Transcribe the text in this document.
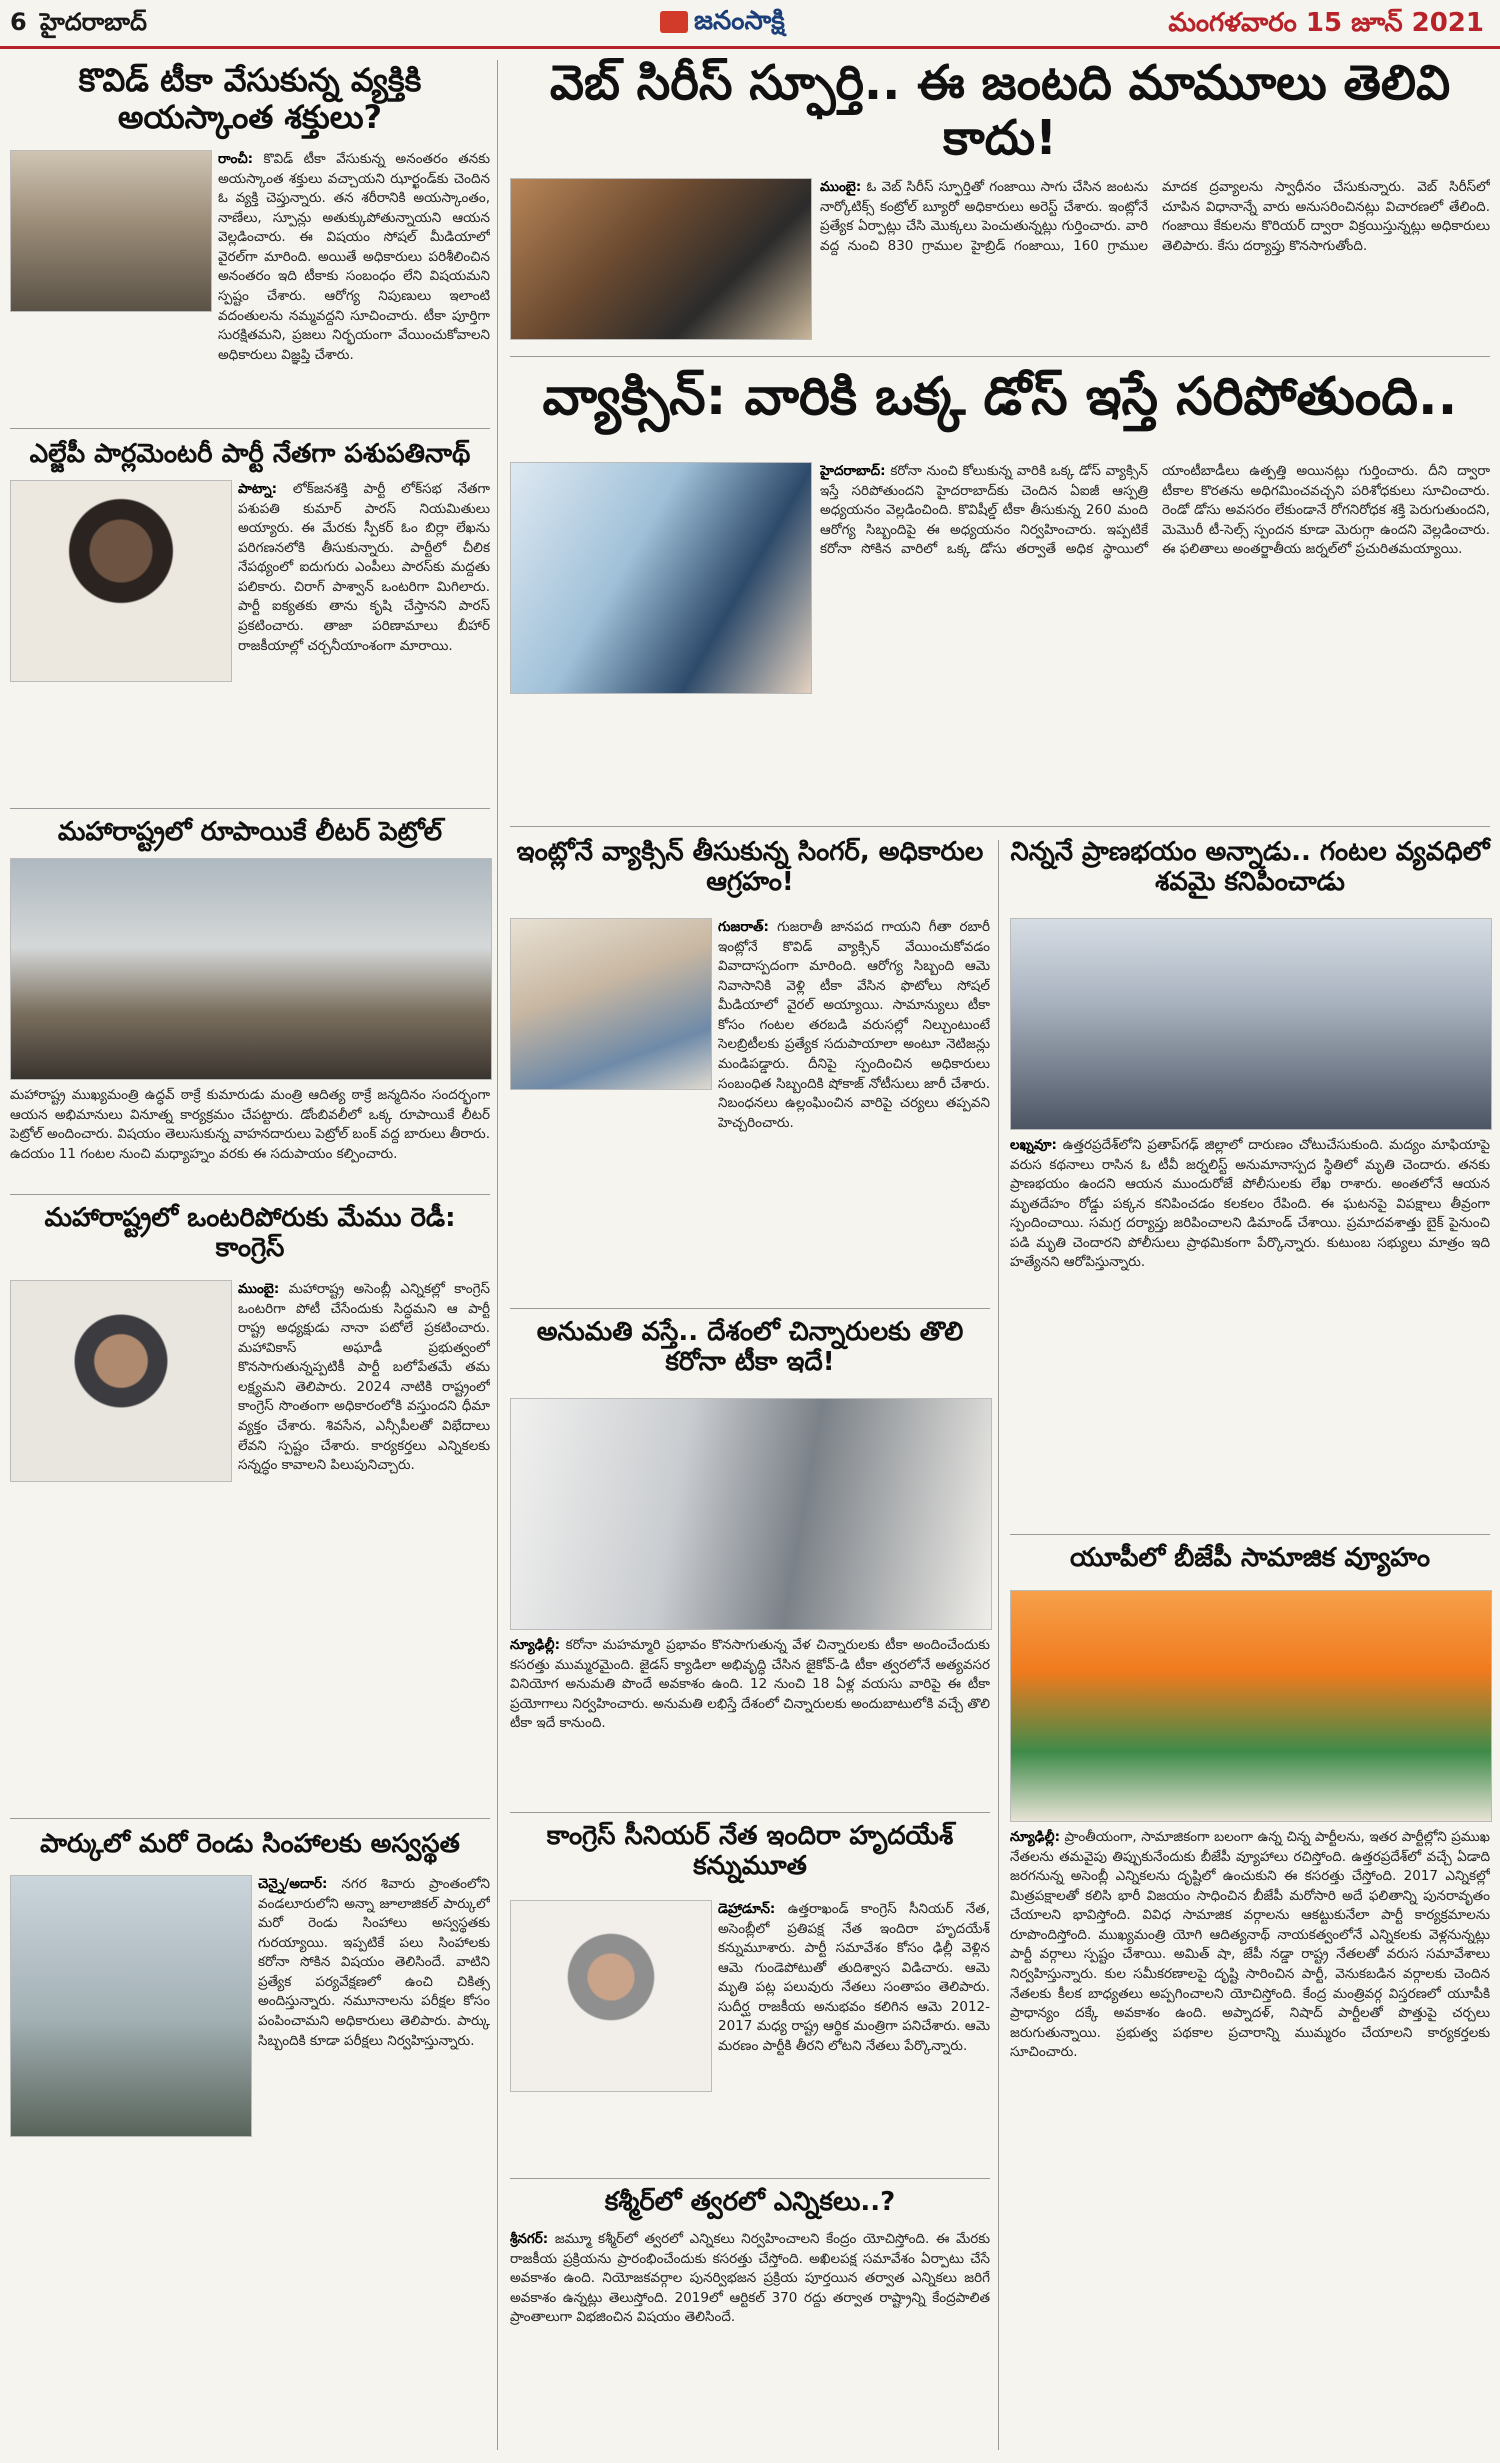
6 హైదరాబాద్	జనంసాక్షి	మంగళవారం 15 జూన్ 2021
కొవిడ్ టీకా వేసుకున్న వ్యక్తికి అయస్కాంత శక్తులు?
రాంచీ: కొవిడ్ టీకా వేసుకున్న అనంతరం తనకు అయస్కాంత శక్తులు వచ్చాయని ఝార్ఖండ్‌కు చెందిన ఓ వ్యక్తి చెప్తున్నారు. తన శరీరానికి అయస్కాంతం, నాణేలు, స్పూన్లు అతుక్కుపోతున్నాయని ఆయన వెల్లడించారు. ఈ విషయం సోషల్ మీడియాలో వైరల్‌గా మారింది. అయితే అధికారులు పరిశీలించిన అనంతరం ఇది టీకాకు సంబంధం లేని విషయమని స్పష్టం చేశారు. ఆరోగ్య నిపుణులు ఇలాంటి వదంతులను నమ్మవద్దని సూచించారు. టీకా పూర్తిగా సురక్షితమని, ప్రజలు నిర్భయంగా వేయించుకోవాలని అధికారులు విజ్ఞప్తి చేశారు.
ఎల్జేపీ పార్లమెంటరీ పార్టీ నేతగా పశుపతినాథ్
పాట్నా: లోక్‌జనశక్తి పార్టీ లోక్‌సభ నేతగా పశుపతి కుమార్ పారస్ నియమితులు అయ్యారు. ఈ మేరకు స్పీకర్ ఓం బిర్లా లేఖను పరిగణనలోకి తీసుకున్నారు. పార్టీలో చీలిక నేపథ్యంలో ఐదుగురు ఎంపీలు పారస్‌కు మద్దతు పలికారు. చిరాగ్ పాశ్వాన్ ఒంటరిగా మిగిలారు. పార్టీ ఐక్యతకు తాను కృషి చేస్తానని పారస్ ప్రకటించారు. తాజా పరిణామాలు బీహార్ రాజకీయాల్లో చర్చనీయాంశంగా మారాయి.
మహారాష్ట్రలో రూపాయికే లీటర్ పెట్రోల్
మహారాష్ట్ర ముఖ్యమంత్రి ఉద్ధవ్ ఠాక్రే కుమారుడు మంత్రి ఆదిత్య ఠాక్రే జన్మదినం సందర్భంగా ఆయన అభిమానులు వినూత్న కార్యక్రమం చేపట్టారు. డోంబివలీలో ఒక్క రూపాయికే లీటర్ పెట్రోల్ అందించారు. విషయం తెలుసుకున్న వాహనదారులు పెట్రోల్ బంక్ వద్ద బారులు తీరారు. ఉదయం 11 గంటల నుంచి మధ్యాహ్నం వరకు ఈ సదుపాయం కల్పించారు.
మహారాష్ట్రలో ఒంటరిపోరుకు మేము రెడీ: కాంగ్రెస్
ముంబై: మహారాష్ట్ర అసెంబ్లీ ఎన్నికల్లో కాంగ్రెస్ ఒంటరిగా పోటీ చేసేందుకు సిద్ధమని ఆ పార్టీ రాష్ట్ర అధ్యక్షుడు నానా పటోలే ప్రకటించారు. మహావికాస్ అఘాడీ ప్రభుత్వంలో కొనసాగుతున్నప్పటికీ పార్టీ బలోపేతమే తమ లక్ష్యమని తెలిపారు. 2024 నాటికి రాష్ట్రంలో కాంగ్రెస్ సొంతంగా అధికారంలోకి వస్తుందని ధీమా వ్యక్తం చేశారు. శివసేన, ఎన్సీపీలతో విభేదాలు లేవని స్పష్టం చేశారు. కార్యకర్తలు ఎన్నికలకు సన్నద్ధం కావాలని పిలుపునిచ్చారు.
పార్కులో మరో రెండు సింహాలకు అస్వస్థత
చెన్నై/అదార్: నగర శివారు ప్రాంతంలోని వండలూరులోని అన్నా జూలాజికల్ పార్కులో మరో రెండు సింహాలు అస్వస్థతకు గురయ్యాయి. ఇప్పటికే పలు సింహాలకు కరోనా సోకిన విషయం తెలిసిందే. వాటిని ప్రత్యేక పర్యవేక్షణలో ఉంచి చికిత్స అందిస్తున్నారు. నమూనాలను పరీక్షల కోసం పంపించామని అధికారులు తెలిపారు. పార్కు సిబ్బందికి కూడా పరీక్షలు నిర్వహిస్తున్నారు.
వెబ్ సిరీస్ స్ఫూర్తి.. ఈ జంటది మామూలు తెలివి కాదు!
ముంబై: ఓ వెబ్ సిరీస్ స్ఫూర్తితో గంజాయి సాగు చేసిన జంటను నార్కోటిక్స్ కంట్రోల్ బ్యూరో అధికారులు అరెస్ట్ చేశారు. ఇంట్లోనే ప్రత్యేక ఏర్పాట్లు చేసి మొక్కలు పెంచుతున్నట్లు గుర్తించారు. వారి వద్ద నుంచి 830 గ్రాముల హైబ్రిడ్ గంజాయి, 160 గ్రాముల మాదక ద్రవ్యాలను స్వాధీనం చేసుకున్నారు. వెబ్ సిరీస్‌లో చూపిన విధానాన్నే వారు అనుసరించినట్లు విచారణలో తేలింది. గంజాయి కేకులను కొరియర్ ద్వారా విక్రయిస్తున్నట్లు అధికారులు తెలిపారు. కేసు దర్యాప్తు కొనసాగుతోంది.
వ్యాక్సిన్: వారికి ఒక్క డోస్ ఇస్తే సరిపోతుంది..
హైదరాబాద్: కరోనా నుంచి కోలుకున్న వారికి ఒక్క డోస్ వ్యాక్సిన్ ఇస్తే సరిపోతుందని హైదరాబాద్‌కు చెందిన ఏఐజీ ఆస్పత్రి అధ్యయనం వెల్లడించింది. కొవిషీల్డ్ టీకా తీసుకున్న 260 మంది ఆరోగ్య సిబ్బందిపై ఈ అధ్యయనం నిర్వహించారు. ఇప్పటికే కరోనా సోకిన వారిలో ఒక్క డోసు తర్వాతే అధిక స్థాయిలో యాంటీబాడీలు ఉత్పత్తి అయినట్లు గుర్తించారు. దీని ద్వారా టీకాల కొరతను అధిగమించవచ్చని పరిశోధకులు సూచించారు. రెండో డోసు అవసరం లేకుండానే రోగనిరోధక శక్తి పెరుగుతుందని, మెమొరీ టీ-సెల్స్ స్పందన కూడా మెరుగ్గా ఉందని వెల్లడించారు. ఈ ఫలితాలు అంతర్జాతీయ జర్నల్‌లో ప్రచురితమయ్యాయి.
ఇంట్లోనే వ్యాక్సిన్ తీసుకున్న సింగర్, అధికారుల ఆగ్రహం!
గుజరాత్: గుజరాతీ జానపద గాయని గీతా రబారీ ఇంట్లోనే కొవిడ్ వ్యాక్సిన్ వేయించుకోవడం వివాదాస్పదంగా మారింది. ఆరోగ్య సిబ్బంది ఆమె నివాసానికి వెళ్లి టీకా వేసిన ఫొటోలు సోషల్ మీడియాలో వైరల్ అయ్యాయి. సామాన్యులు టీకా కోసం గంటల తరబడి వరుసల్లో నిల్చుంటుంటే సెలబ్రిటీలకు ప్రత్యేక సదుపాయాలా అంటూ నెటిజన్లు మండిపడ్డారు. దీనిపై స్పందించిన అధికారులు సంబంధిత సిబ్బందికి షోకాజ్ నోటీసులు జారీ చేశారు. నిబంధనలు ఉల్లంఘించిన వారిపై చర్యలు తప్పవని హెచ్చరించారు.
అనుమతి వస్తే.. దేశంలో చిన్నారులకు తొలి కరోనా టీకా ఇదే!
న్యూఢిల్లీ: కరోనా మహమ్మారి ప్రభావం కొనసాగుతున్న వేళ చిన్నారులకు టీకా అందించేందుకు కసరత్తు ముమ్మరమైంది. జైడస్ క్యాడిలా అభివృద్ధి చేసిన జైకోవ్-డి టీకా త్వరలోనే అత్యవసర వినియోగ అనుమతి పొందే అవకాశం ఉంది. 12 నుంచి 18 ఏళ్ల వయసు వారిపై ఈ టీకా ప్రయోగాలు నిర్వహించారు. అనుమతి లభిస్తే దేశంలో చిన్నారులకు అందుబాటులోకి వచ్చే తొలి టీకా ఇదే కానుంది.
కాంగ్రెస్ సీనియర్ నేత ఇందిరా హృదయేశ్ కన్నుమూత
డెహ్రాడూన్: ఉత్తరాఖండ్ కాంగ్రెస్ సీనియర్ నేత, అసెంబ్లీలో ప్రతిపక్ష నేత ఇందిరా హృదయేశ్ కన్నుమూశారు. పార్టీ సమావేశం కోసం ఢిల్లీ వెళ్లిన ఆమె గుండెపోటుతో తుదిశ్వాస విడిచారు. ఆమె మృతి పట్ల పలువురు నేతలు సంతాపం తెలిపారు. సుదీర్ఘ రాజకీయ అనుభవం కలిగిన ఆమె 2012-2017 మధ్య రాష్ట్ర ఆర్థిక మంత్రిగా పనిచేశారు. ఆమె మరణం పార్టీకి తీరని లోటని నేతలు పేర్కొన్నారు.
కశ్మీర్‌లో త్వరలో ఎన్నికలు..?
శ్రీనగర్: జమ్మూ కశ్మీర్‌లో త్వరలో ఎన్నికలు నిర్వహించాలని కేంద్రం యోచిస్తోంది. ఈ మేరకు రాజకీయ ప్రక్రియను ప్రారంభించేందుకు కసరత్తు చేస్తోంది. అఖిలపక్ష సమావేశం ఏర్పాటు చేసే అవకాశం ఉంది. నియోజకవర్గాల పునర్విభజన ప్రక్రియ పూర్తయిన తర్వాత ఎన్నికలు జరిగే అవకాశం ఉన్నట్లు తెలుస్తోంది. 2019లో ఆర్టికల్ 370 రద్దు తర్వాత రాష్ట్రాన్ని కేంద్రపాలిత ప్రాంతాలుగా విభజించిన విషయం తెలిసిందే.
నిన్ననే ప్రాణభయం అన్నాడు.. గంటల వ్యవధిలో శవమై కనిపించాడు
లఖ్నవూ: ఉత్తరప్రదేశ్‌లోని ప్రతాప్‌గఢ్ జిల్లాలో దారుణం చోటుచేసుకుంది. మద్యం మాఫియాపై వరుస కథనాలు రాసిన ఓ టీవీ జర్నలిస్ట్ అనుమానాస్పద స్థితిలో మృతి చెందారు. తనకు ప్రాణభయం ఉందని ఆయన ముందురోజే పోలీసులకు లేఖ రాశారు. అంతలోనే ఆయన మృతదేహం రోడ్డు పక్కన కనిపించడం కలకలం రేపింది. ఈ ఘటనపై విపక్షాలు తీవ్రంగా స్పందించాయి. సమగ్ర దర్యాప్తు జరిపించాలని డిమాండ్ చేశాయి. ప్రమాదవశాత్తు బైక్ పైనుంచి పడి మృతి చెందారని పోలీసులు ప్రాథమికంగా పేర్కొన్నారు. కుటుంబ సభ్యులు మాత్రం ఇది హత్యేనని ఆరోపిస్తున్నారు.
యూపీలో బీజేపీ సామాజిక వ్యూహం
న్యూఢిల్లీ: ప్రాంతీయంగా, సామాజికంగా బలంగా ఉన్న చిన్న పార్టీలను, ఇతర పార్టీల్లోని ప్రముఖ నేతలను తమవైపు తిప్పుకునేందుకు బీజేపీ వ్యూహాలు రచిస్తోంది. ఉత్తరప్రదేశ్‌లో వచ్చే ఏడాది జరగనున్న అసెంబ్లీ ఎన్నికలను దృష్టిలో ఉంచుకుని ఈ కసరత్తు చేస్తోంది. 2017 ఎన్నికల్లో మిత్రపక్షాలతో కలిసి భారీ విజయం సాధించిన బీజేపీ మరోసారి అదే ఫలితాన్ని పునరావృతం చేయాలని భావిస్తోంది. వివిధ సామాజిక వర్గాలను ఆకట్టుకునేలా పార్టీ కార్యక్రమాలను రూపొందిస్తోంది. ముఖ్యమంత్రి యోగి ఆదిత్యనాథ్ నాయకత్వంలోనే ఎన్నికలకు వెళ్లనున్నట్లు పార్టీ వర్గాలు స్పష్టం చేశాయి. అమిత్ షా, జేపీ నడ్డా రాష్ట్ర నేతలతో వరుస సమావేశాలు నిర్వహిస్తున్నారు. కుల సమీకరణాలపై దృష్టి సారించిన పార్టీ, వెనుకబడిన వర్గాలకు చెందిన నేతలకు కీలక బాధ్యతలు అప్పగించాలని యోచిస్తోంది. కేంద్ర మంత్రివర్గ విస్తరణలో యూపీకి ప్రాధాన్యం దక్కే అవకాశం ఉంది. అప్నాదళ్, నిషాద్ పార్టీలతో పొత్తుపై చర్చలు జరుగుతున్నాయి. ప్రభుత్వ పథకాల ప్రచారాన్ని ముమ్మరం చేయాలని కార్యకర్తలకు సూచించారు.
